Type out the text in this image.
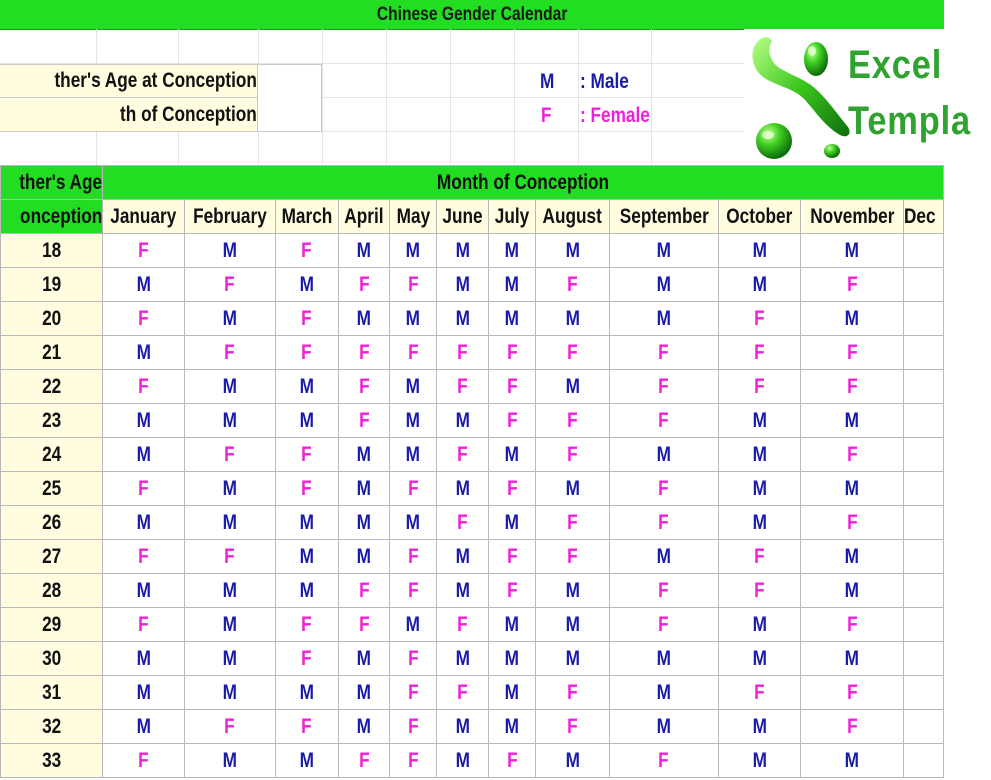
Chinese Gender Calendar
ther's Age at Conception
th of Conception
M : Male
F : Female
Excel
Templa
ther's Age	Month of Conception											
onception	January	February	March	April	May	June	July	August	September	October	November	Dec
18	F	M	F	M	M	M	M	M	M	M	M	
19	M	F	M	F	F	M	M	F	M	M	F	
20	F	M	F	M	M	M	M	M	M	F	M	
21	M	F	F	F	F	F	F	F	F	F	F	
22	F	M	M	F	M	F	F	M	F	F	F	
23	M	M	M	F	M	M	F	F	F	M	M	
24	M	F	F	M	M	F	M	F	M	M	F	
25	F	M	F	M	F	M	F	M	F	M	M	
26	M	M	M	M	M	F	M	F	F	M	F	
27	F	F	M	M	F	M	F	F	M	F	M	
28	M	M	M	F	F	M	F	M	F	F	M	
29	F	M	F	F	M	F	M	M	F	M	F	
30	M	M	F	M	F	M	M	M	M	M	M	
31	M	M	M	M	F	F	M	F	M	F	F	
32	M	F	F	M	F	M	M	F	M	M	F	
33	F	M	M	F	F	M	F	M	F	M	M	
